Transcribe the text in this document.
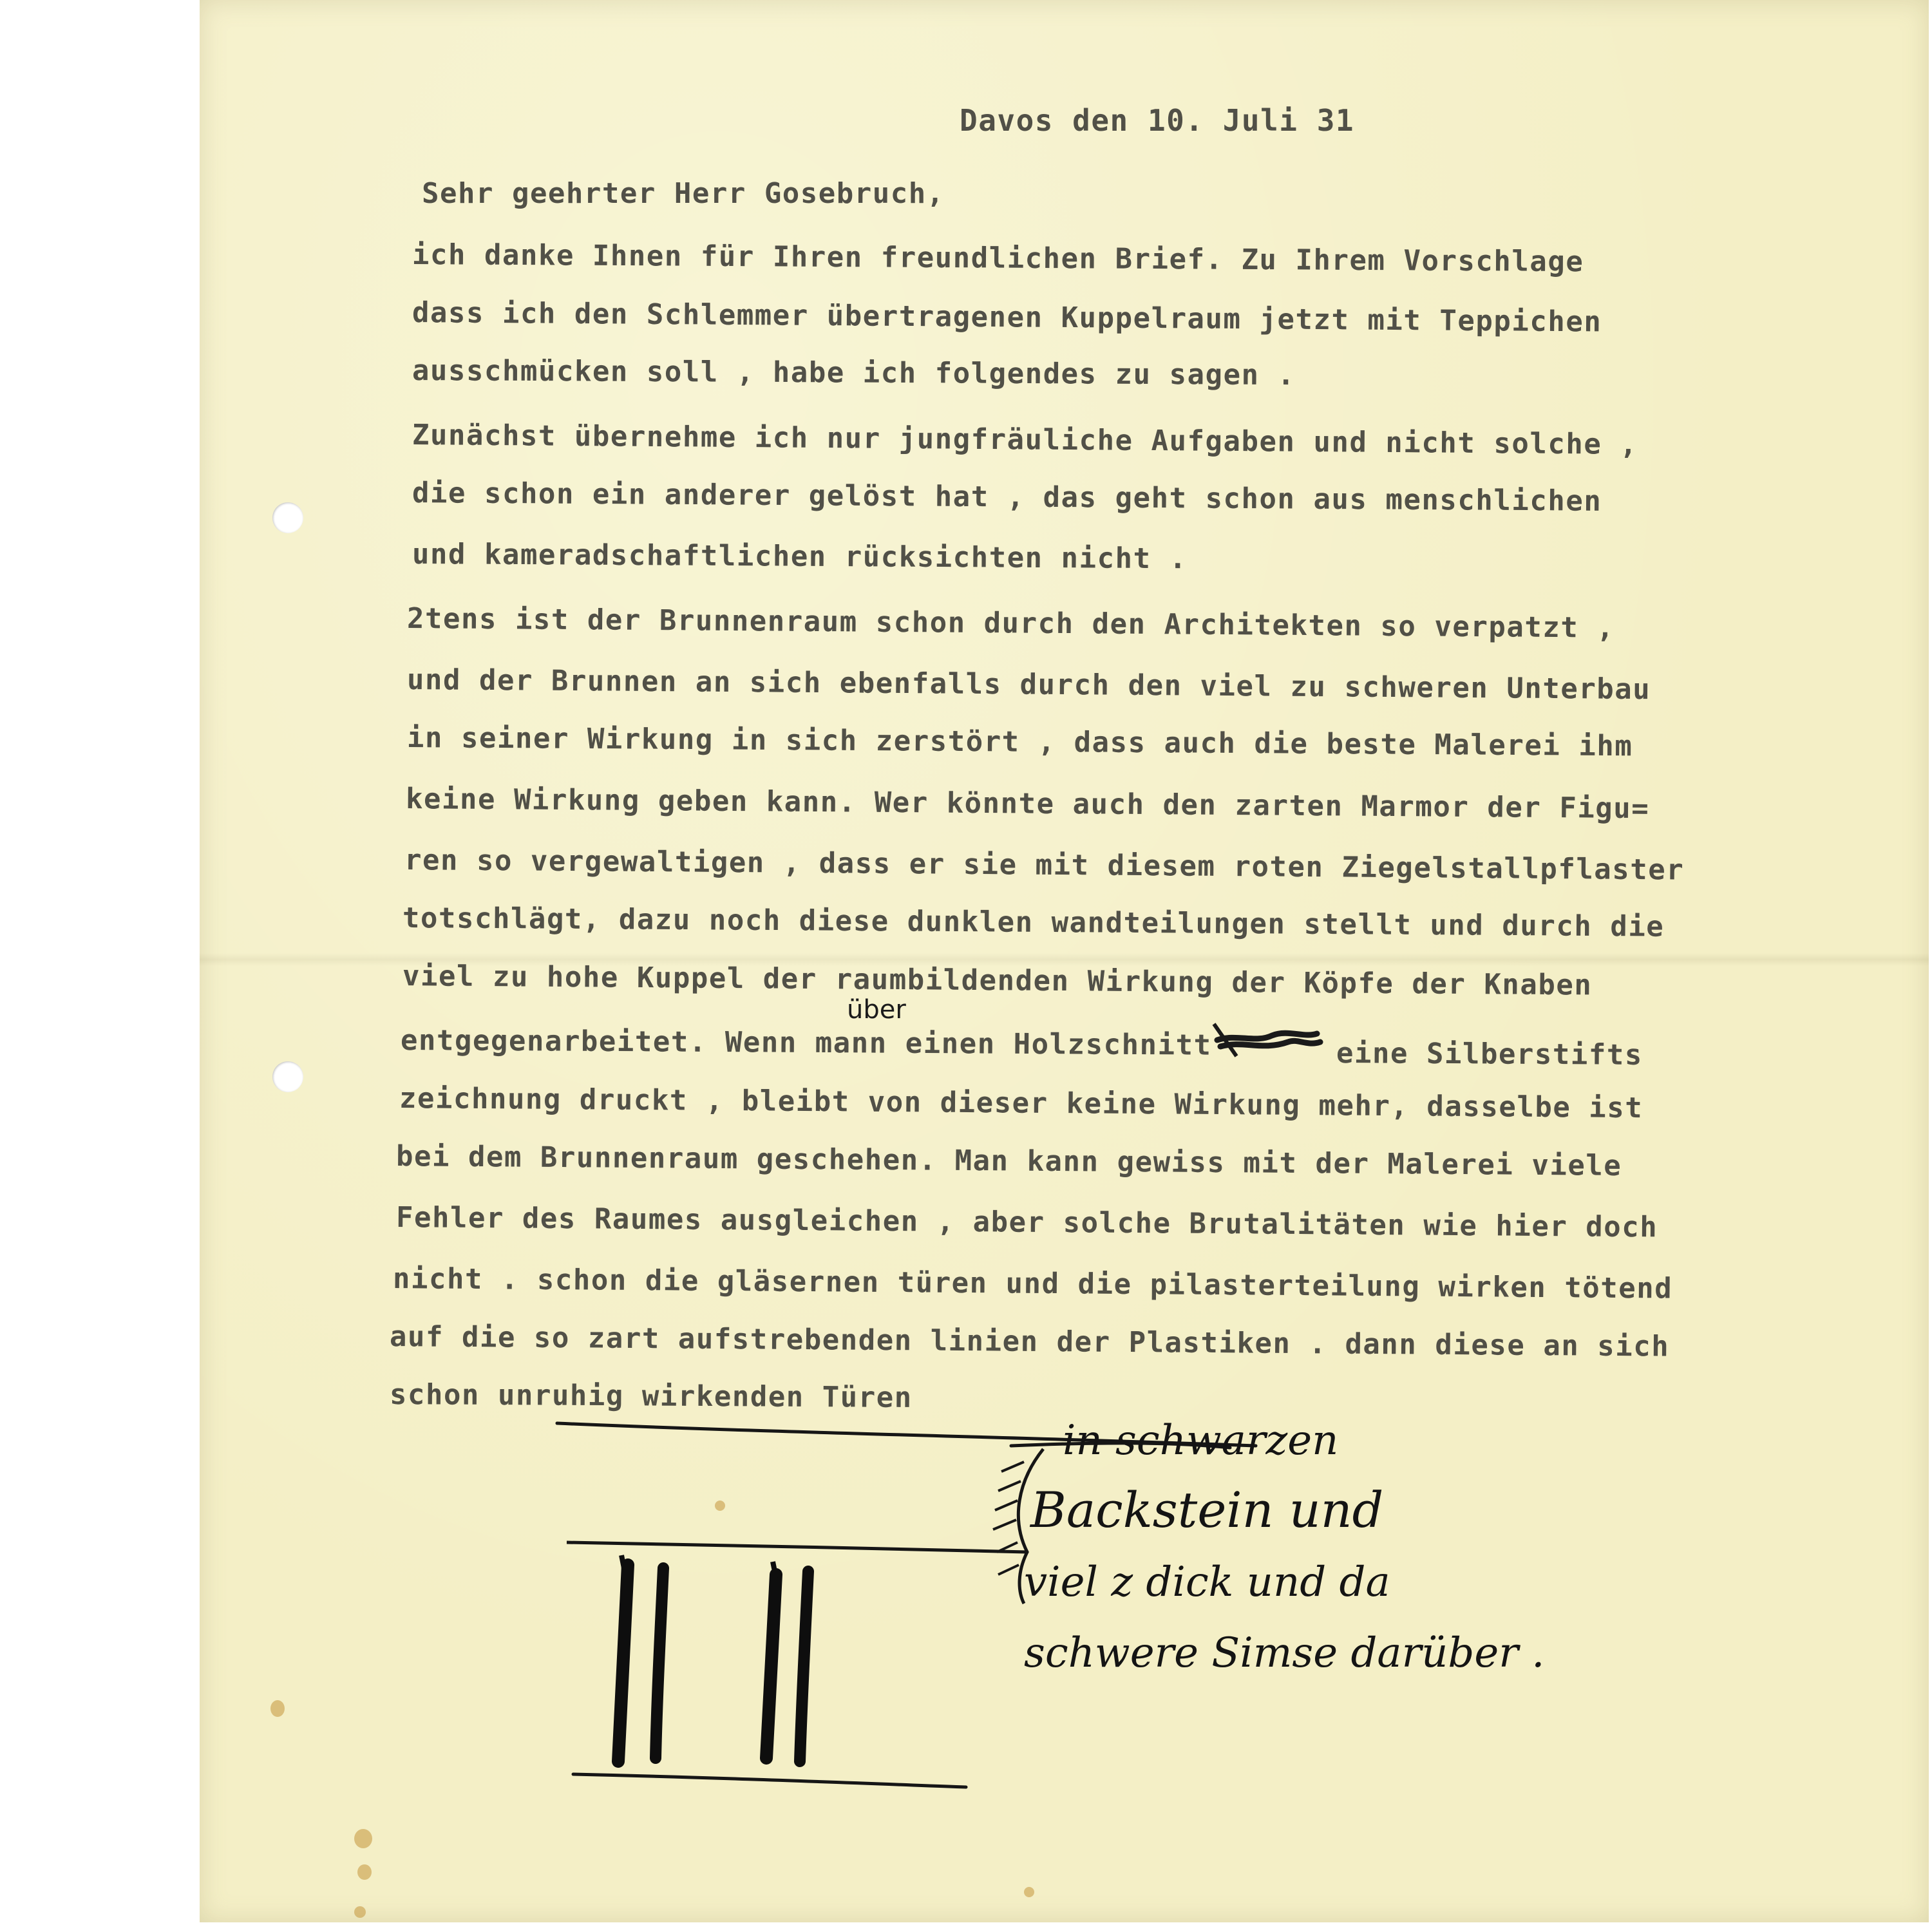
Davos den 10. Juli 31
Sehr geehrter Herr Gosebruch,
ich danke Ihnen für Ihren freundlichen Brief. Zu Ihrem Vorschlage
dass ich den Schlemmer übertragenen Kuppelraum jetzt mit Teppichen
ausschmücken soll , habe ich folgendes zu sagen .
Zunächst übernehme ich nur jungfräuliche Aufgaben und nicht solche ,
die schon ein anderer gelöst hat , das geht schon aus menschlichen
und kameradschaftlichen rücksichten nicht .
2tens ist der Brunnenraum schon durch den Architekten so verpatzt ,
und der Brunnen an sich ebenfalls durch den viel zu schweren Unterbau
in seiner Wirkung in sich zerstört , dass auch die beste Malerei ihm
keine Wirkung geben kann. Wer könnte auch den zarten Marmor der Figu=
ren so vergewaltigen , dass er sie mit diesem roten Ziegelstallpflaster
totschlägt, dazu noch diese dunklen wandteilungen stellt und durch die
viel zu hohe Kuppel der raumbildenden Wirkung der Köpfe der Knaben
über
entgegenarbeitet. Wenn mann einen Holzschnitt	eine Silberstifts
zeichnung druckt , bleibt von dieser keine Wirkung mehr, dasselbe ist
bei dem Brunnenraum geschehen. Man kann gewiss mit der Malerei viele
Fehler des Raumes ausgleichen , aber solche Brutalitäten wie hier doch
nicht . schon die gläsernen türen und die pilasterteilung wirken tötend
auf die so zart aufstrebenden linien der Plastiken . dann diese an sich
schon unruhig wirkenden Türen
in schwarzen
Backstein und
viel z dick und da
schwere Simse darüber .
